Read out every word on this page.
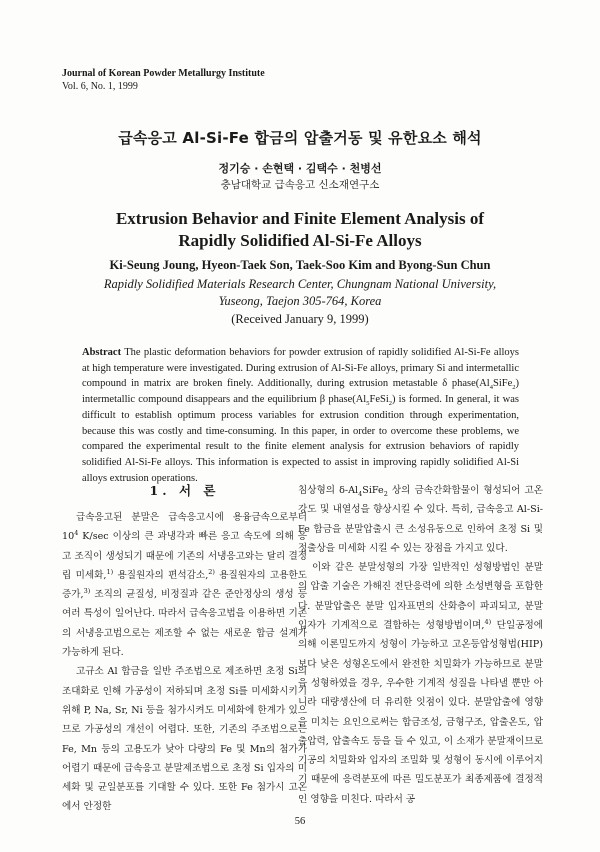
Journal of Korean Powder Metallurgy Institute
Vol. 6, No. 1, 1999
급속응고 Al-Si-Fe 합금의 압출거동 및 유한요소 해석
정기승 · 손현택 · 김택수 · 천병선
충남대학교 급속응고 신소재연구소
Extrusion Behavior and Finite Element Analysis of
Rapidly Solidified Al-Si-Fe Alloys
Ki-Seung Joung, Hyeon-Taek Son, Taek-Soo Kim and Byong-Sun Chun
Rapidly Solidified Materials Research Center, Chungnam National University,
Yuseong, Taejon 305-764, Korea
(Received January 9, 1999)
Abstract The plastic deformation behaviors for powder extrusion of rapidly solidified Al-Si-Fe alloys at high temperature were investigated. During extrusion of Al-Si-Fe alloys, primary Si and intermetallic compound in matrix are broken finely. Additionally, during extrusion metastable δ $phase(Al_4SiFe_2)$ intermetallic compound disappears and the equilibrium β $phase(Al_5FeSi_2)$ is formed. In general, it was difficult to establish optimum process variables for extrusion condition through experimentation, because this was costly and time-consuming. In this paper, in order to overcome these problems, we compared the experimental result to the finite element analysis for extrusion behaviors of rapidly solidified Al-Si-Fe alloys. This information is expected to assist in improving rapidly solidified Al-Si alloys extrusion operations.
1. 서 론

급속응고된 분말은 급속응고시에 용융금속으로부터 $10^4$ K/sec 이상의 큰 과냉각과 빠른 응고 속도에 의해 응고 조직이 생성되기 때문에 기존의 서냉응고와는 달리 결정립 미세화,$^{1)}$ 용질원자의 편석감소,$^{2)}$ 용질원자의 고용한도 증가,$^{3)}$ 조직의 균질성, 비정질과 같은 준안정상의 생성 등 여러 특성이 일어난다. 따라서 급속응고법을 이용하면 기존의 서냉응고법으로는 제조할 수 없는 새로운 합금 설계가 가능하게 된다.

고규소 Al 합금을 일반 주조법으로 제조하면 초정 Si의 조대화로 인해 가공성이 저하되며 초정 Si를 미세화시키기 위해 P, Na, Sr, Ni 등을 첨가시켜도 미세화에 한계가 있으므로 가공성의 개선이 어렵다. 또한, 기존의 주조법으로는 Fe, Mn 등의 고용도가 낮아 다량의 Fe 및 Mn의 첨가가 어렵기 때문에 급속응고 분말제조법으로 초정 Si 입자의 미세화 및 균일분포를 기대할 수 있다. 또한 Fe 첨가시 고온에서 안정한

침상형의 $\delta-Al_4SiFe_2$ 상의 금속간화합물이 형성되어 고온강도 및 내열성을 향상시킬 수 있다. 특히, 급속응고 Al-Si-Fe 합금을 분말압출시 큰 소성유동으로 인하여 초정 Si 및 정출상을 미세화 시킬 수 있는 장점을 가지고 있다.

이와 같은 분말성형의 가장 일반적인 성형방법인 분말의 압출 기술은 가해진 전단응력에 의한 소성변형을 포함한다. 분말압출은 분말 입자표면의 산화층이 파괴되고, 분말입자가 기계적으로 결합하는 성형방법이며,$^{4)}$ 단일공정에 의해 이론밀도까지 성형이 가능하고 고온등압성형법(HIP)보다 낮은 성형온도에서 완전한 치밀화가 가능하므로 분말을 성형하였을 경우, 우수한 기계적 성질을 나타낼 뿐만 아니라 대량생산에 더 유리한 잇점이 있다. 분말압출에 영향을 미치는 요인으로써는 합금조성, 금형구조, 압출온도, 압출압력, 압출속도 등을 들 수 있고, 이 소재가 분말재이므로 기공의 치밀화와 입자의 조밀화 및 성형이 동시에 이루어지기 때문에 응력분포에 따른 밀도분포가 최종제품에 결정적인 영향을 미친다. 따라서 공

56
